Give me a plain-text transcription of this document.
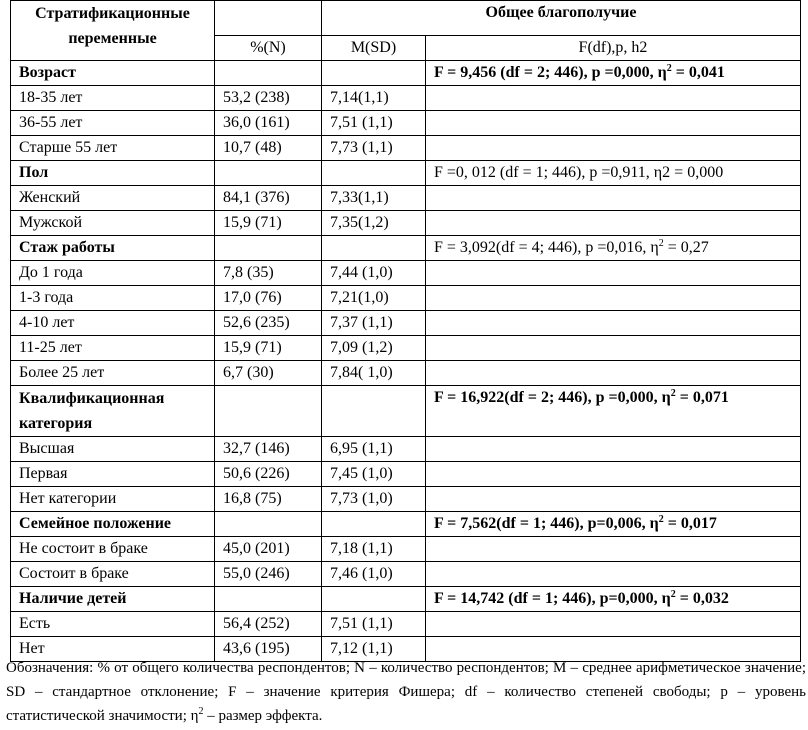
Стратификационные переменные		Общее благополучие	
	%(N)	M(SD)	F(df),p, h2
Возраст			F = 9,456 (df = 2; 446), p =0,000, $\eta^2 = 0,041$
18-35 лет	53,2 (238)	7,14(1,1)	
36-55 лет	36,0 (161)	7,51 (1,1)	
Старше 55 лет	10,7 (48)	7,73 (1,1)	
Пол			F =0, 012 (df = 1; 446), p =0,911, η2 = 0,000
Женский	84,1 (376)	7,33(1,1)	
Мужской	15,9 (71)	7,35(1,2)	
Стаж работы			F = 3,092(df = 4; 446), p =0,016, $\eta^2 = 0,27$
До 1 года	7,8 (35)	7,44 (1,0)	
1-3 года	17,0 (76)	7,21(1,0)	
4-10 лет	52,6 (235)	7,37 (1,1)	
11-25 лет	15,9 (71)	7,09 (1,2)	
Более 25 лет	6,7 (30)	7,84( 1,0)	
Квалификационная категория			F = 16,922(df = 2; 446), p =0,000, $\eta^2 = 0,071$
Высшая	32,7 (146)	6,95 (1,1)	
Первая	50,6 (226)	7,45 (1,0)	
Нет категории	16,8 (75)	7,73 (1,0)	
Семейное положение			F = 7,562(df = 1; 446), p=0,006, $\eta^2 = 0,017$
Не состоит в браке	45,0 (201)	7,18 (1,1)	
Состоит в браке	55,0 (246)	7,46 (1,0)	
Наличие детей			F = 14,742 (df = 1; 446), p=0,000, $\eta^2 = 0,032$
Есть	56,4 (252)	7,51 (1,1)	
Нет	43,6 (195)	7,12 (1,1)	
Обозначения: % от общего количества респондентов; N – количество респондентов; M – среднее арифметическое значение; SD – стандартное отклонение; F – значение критерия Фишера; df – количество степеней свободы; p – уровень статистической значимости; $\eta^2$ – размер эффекта.
